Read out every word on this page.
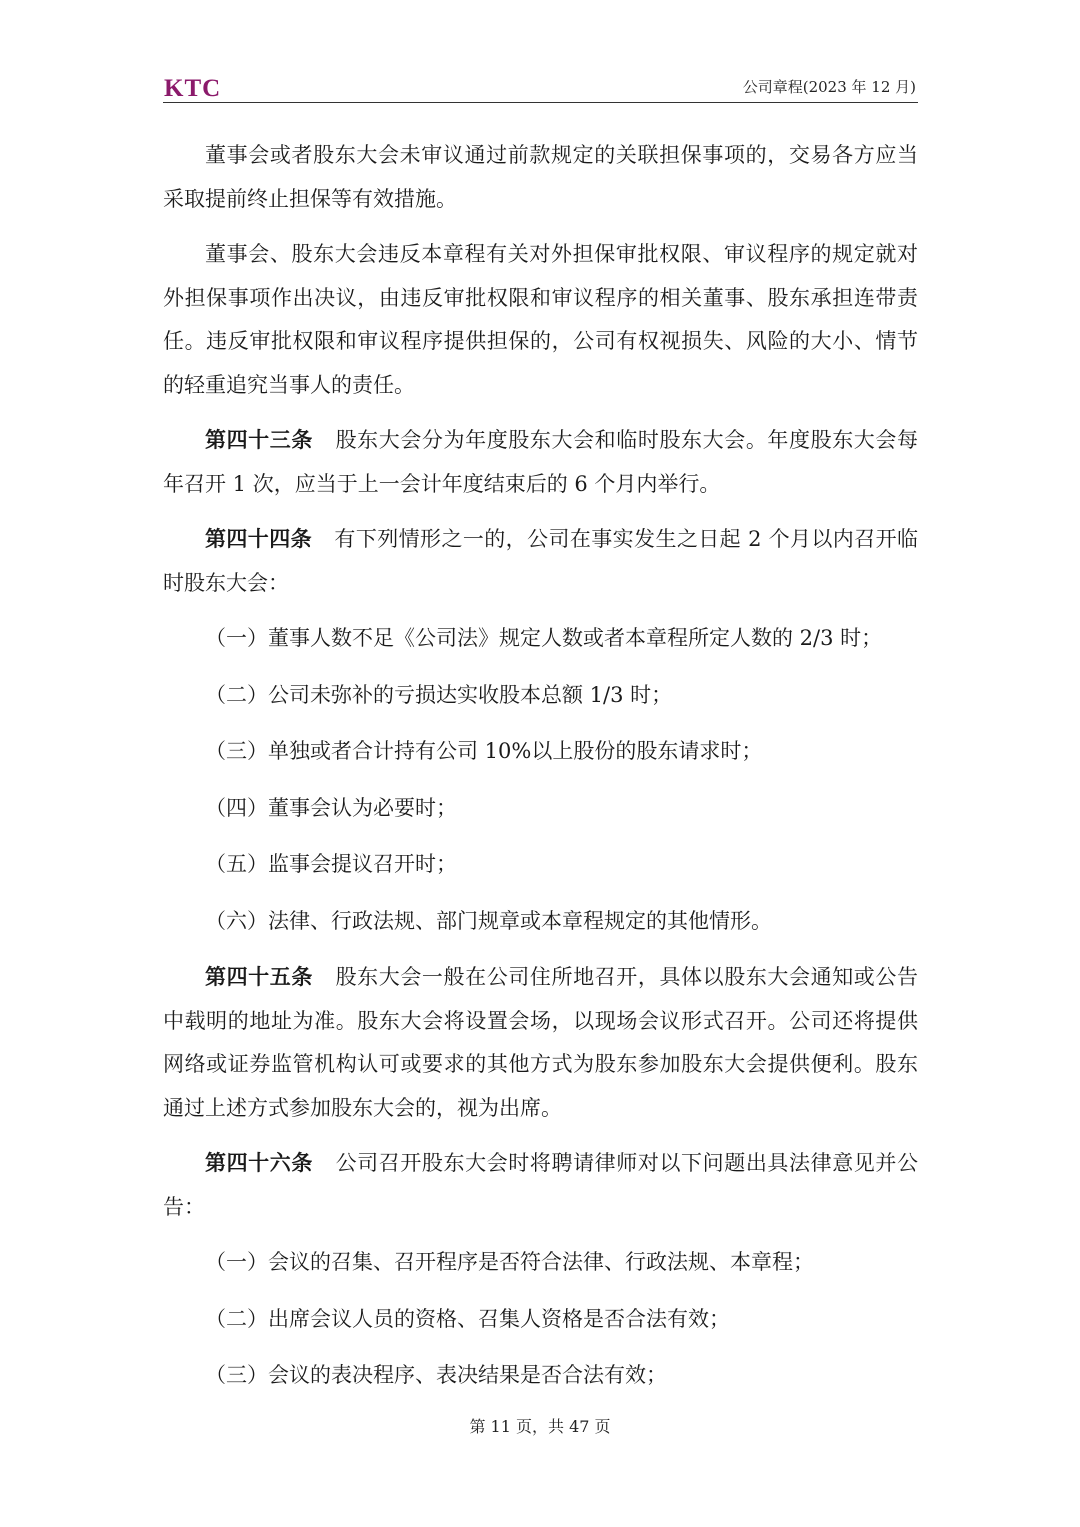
KTC	公司章程(2023 年 12 月)

董事会或者股东大会未审议通过前款规定的关联担保事项的，交易各方应当采取提前终止担保等有效措施。

董事会、股东大会违反本章程有关对外担保审批权限、审议程序的规定就对外担保事项作出决议，由违反审批权限和审议程序的相关董事、股东承担连带责任。违反审批权限和审议程序提供担保的，公司有权视损失、风险的大小、情节的轻重追究当事人的责任。

第四十三条 股东大会分为年度股东大会和临时股东大会。年度股东大会每年召开 1 次，应当于上一会计年度结束后的 6 个月内举行。

第四十四条 有下列情形之一的，公司在事实发生之日起 2 个月以内召开临时股东大会：

（一）董事人数不足《公司法》规定人数或者本章程所定人数的 2/3 时；

（二）公司未弥补的亏损达实收股本总额 1/3 时；

（三）单独或者合计持有公司 10%以上股份的股东请求时；

（四）董事会认为必要时；

（五）监事会提议召开时；

（六）法律、行政法规、部门规章或本章程规定的其他情形。

第四十五条 股东大会一般在公司住所地召开，具体以股东大会通知或公告中载明的地址为准。股东大会将设置会场，以现场会议形式召开。公司还将提供网络或证券监管机构认可或要求的其他方式为股东参加股东大会提供便利。股东通过上述方式参加股东大会的，视为出席。

第四十六条 公司召开股东大会时将聘请律师对以下问题出具法律意见并公告：

（一）会议的召集、召开程序是否符合法律、行政法规、本章程；

（二）出席会议人员的资格、召集人资格是否合法有效；

（三）会议的表决程序、表决结果是否合法有效；

第 11 页，共 47 页
